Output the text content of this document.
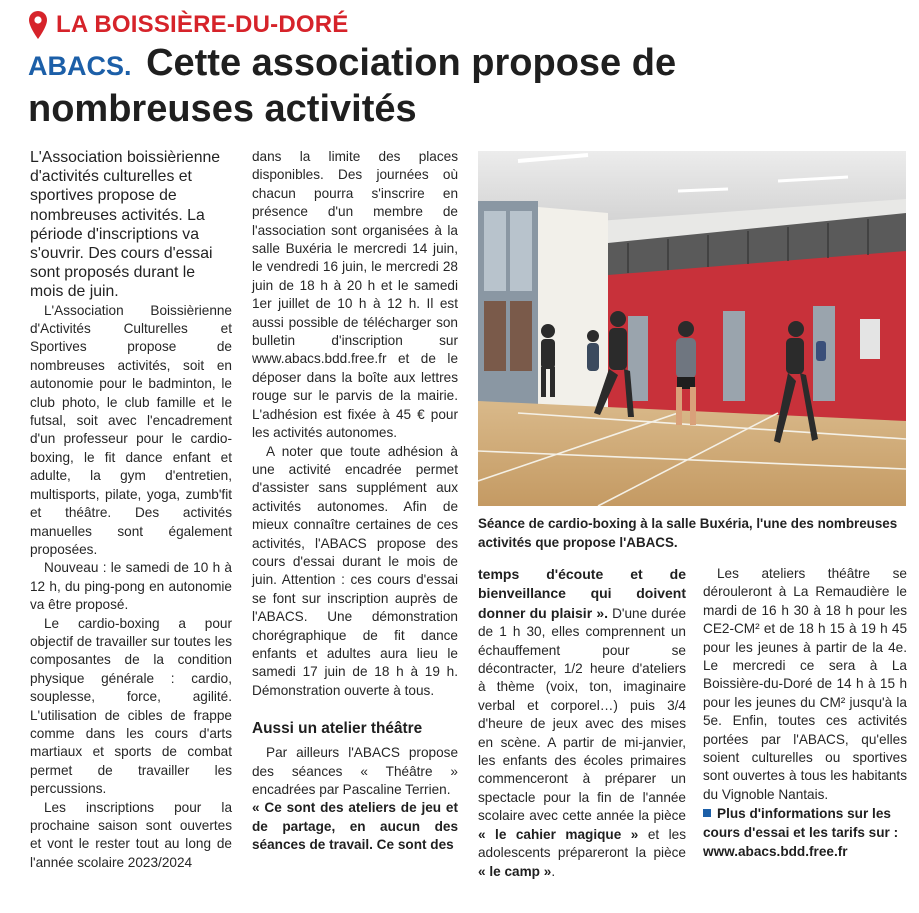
LA BOISSIÈRE-DU-DORÉ
ABACS. Cette association propose de nombreuses activités

L'Association boissièrienne d'activités culturelles et sportives propose de nombreuses activités. La période d'inscriptions va s'ouvrir. Des cours d'essai sont proposés durant le mois de juin.

L'Association Boissièrienne d'Activités Culturelles et Sportives propose de nombreuses activités, soit en autonomie pour le badminton, le club photo, le club famille et le futsal, soit avec l'encadrement d'un professeur pour le cardio-boxing, le fit dance enfant et adulte, la gym d'entretien, multisports, pilate, yoga, zumb'fit et théâtre. Des activités manuelles sont également proposées.

Nouveau : le samedi de 10 h à 12 h, du ping-pong en autonomie va être proposé.

Le cardio-boxing a pour objectif de travailler sur toutes les composantes de la condition physique générale : cardio, souplesse, force, agilité. L'utilisation de cibles de frappe comme dans les cours d'arts martiaux et sports de combat permet de travailler les percussions.

Les inscriptions pour la prochaine saison sont ouvertes et vont le rester tout au long de l'année scolaire 2023/2024

dans la limite des places disponibles. Des journées où chacun pourra s'inscrire en présence d'un membre de l'association sont organisées à la salle Buxéria le mercredi 14 juin, le vendredi 16 juin, le mercredi 28 juin de 18 h à 20 h et le samedi 1er juillet de 10 h à 12 h. Il est aussi possible de télécharger son bulletin d'inscription sur www.abacs.bdd.free.fr et de le déposer dans la boîte aux lettres rouge sur le parvis de la mairie. L'adhésion est fixée à 45 € pour les activités autonomes.

A noter que toute adhésion à une activité encadrée permet d'assister sans supplément aux activités autonomes. Afin de mieux connaître certaines de ces activités, l'ABACS propose des cours d'essai durant le mois de juin. Attention : ces cours d'essai se font sur inscription auprès de l'ABACS. Une démonstration chorégraphique de fit dance enfants et adultes aura lieu le samedi 17 juin de 18 h à 19 h. Démonstration ouverte à tous.

Aussi un atelier théâtre

Par ailleurs l'ABACS propose des séances « Théâtre » encadrées par Pascaline Terrien.

« Ce sont des ateliers de jeu et de partage, en aucun des séances de travail. Ce sont des

Séance de cardio-boxing à la salle Buxéria, l'une des nombreuses activités que propose l'ABACS.

temps d'écoute et de bienveillance qui doivent donner du plaisir ». D'une durée de 1 h 30, elles comprennent un échauffement pour se décontracter, 1/2 heure d'ateliers à thème (voix, ton, imaginaire verbal et corporel…) puis 3/4 d'heure de jeux avec des mises en scène. A partir de mi-janvier, les enfants des écoles primaires commenceront à préparer un spectacle pour la fin de l'année scolaire avec cette année la pièce « le cahier magique » et les adolescents prépareront la pièce « le camp ».

Les ateliers théâtre se dérouleront à La Remaudière le mardi de 16 h 30 à 18 h pour les CE2-CM² et de 18 h 15 à 19 h 45 pour les jeunes à partir de la 4e. Le mercredi ce sera à La Boissière-du-Doré de 14 h à 15 h pour les jeunes du CM² jusqu'à la 5e. Enfin, toutes ces activités portées par l'ABACS, qu'elles soient culturelles ou sportives sont ouvertes à tous les habitants du Vignoble Nantais.

Plus d'informations sur les cours d'essai et les tarifs sur : www.abacs.bdd.free.fr
